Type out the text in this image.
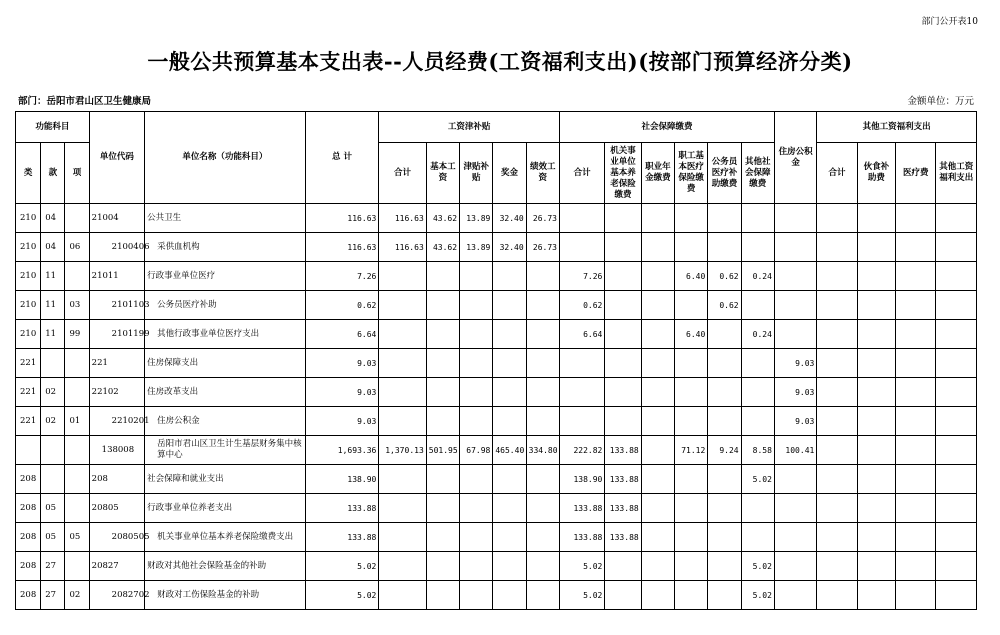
部门公开表10
一般公共预算基本支出表--人员经费(工资福利支出)(按部门预算经济分类)
部门：岳阳市君山区卫生健康局	金额单位：万元
功能科目			单位代码	单位名称（功能科目）	总 计	工资津补贴					社会保障缴费						住房公积金	其他工资福利支出			
类	款	项				合计	基本工资	津贴补贴	奖金	绩效工资	合计	机关事业单位基本养老保险缴费	职业年金缴费	职工基本医疗保险缴费	公务员医疗补助缴费	其他社会保障缴费		合计	伙食补助费	医疗费	其他工资福利支出
210	04		21004	公共卫生	116.63	116.63	43.62	13.89	32.40	26.73											
210	04	06	2100406	采供血机构	116.63	116.63	43.62	13.89	32.40	26.73											
210	11		21011	行政事业单位医疗	7.26						7.26			6.40	0.62	0.24					
210	11	03	2101103	公务员医疗补助	0.62						0.62				0.62						
210	11	99	2101199	其他行政事业单位医疗支出	6.64						6.64			6.40		0.24					
221			221	住房保障支出	9.03												9.03				
221	02		22102	住房改革支出	9.03												9.03				
221	02	01	2210201	住房公积金	9.03												9.03				
			138008	岳阳市君山区卫生计生基层财务集中核算中心	1,693.36	1,370.13	501.95	67.98	465.40	334.80	222.82	133.88		71.12	9.24	8.58	100.41				
208			208	社会保障和就业支出	138.90						138.90	133.88				5.02					
208	05		20805	行政事业单位养老支出	133.88						133.88	133.88									
208	05	05	2080505	机关事业单位基本养老保险缴费支出	133.88						133.88	133.88									
208	27		20827	财政对其他社会保险基金的补助	5.02						5.02					5.02					
208	27	02	2082702	财政对工伤保险基金的补助	5.02						5.02					5.02					
